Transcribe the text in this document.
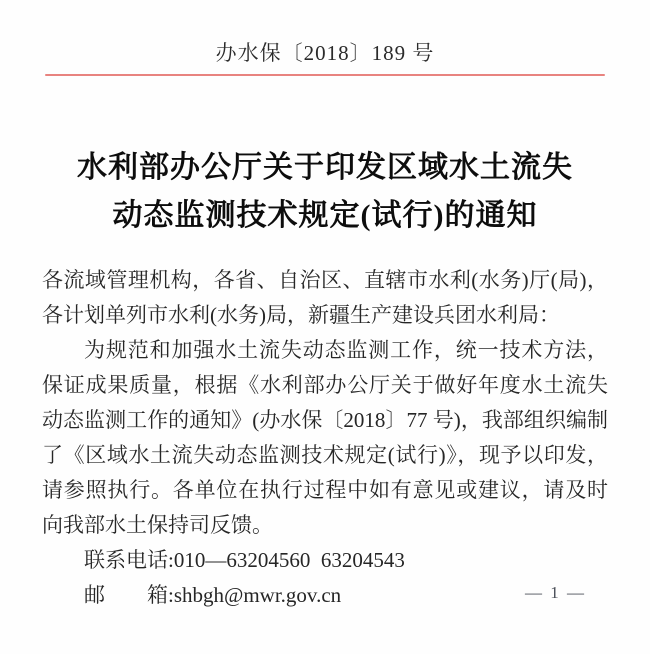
办水保〔2018〕189 号
水利部办公厅关于印发区域水土流失
动态监测技术规定(试行)的通知

各流域管理机构，各省、自治区、直辖市水利(水务)厅(局)，各计划单列市水利(水务)局，新疆生产建设兵团水利局：

为规范和加强水土流失动态监测工作，统一技术方法，保证成果质量，根据《水利部办公厅关于做好年度水土流失动态监测工作的通知》(办水保〔2018〕77 号)，我部组织编制了《区域水土流失动态监测技术规定(试行)》，现予以印发，请参照执行。各单位在执行过程中如有意见或建议，请及时向我部水土保持司反馈。

联系电话:010—63204560  63204543

邮　　箱:shbgh@mwr.gov.cn	— 1 —
